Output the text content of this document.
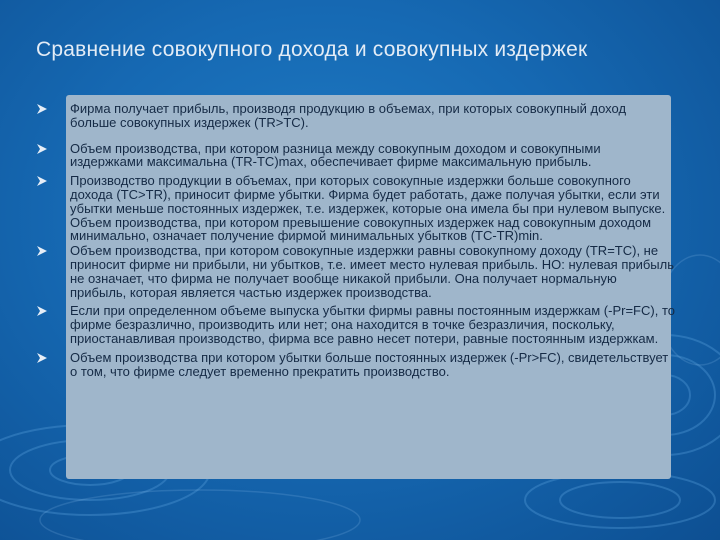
Сравнение совокупного дохода и совокупных издержек
Фирма получает прибыль, производя продукцию в объемах, при которых совокупный доход больше совокупных издержек (TR>TC).
Объем производства, при котором разница между совокупным доходом и совокупными издержками максимальна (TR-TC)max, обеспечивает фирме максимальную прибыль.
Производство продукции в объемах, при которых совокупные издержки больше совокупного дохода (TC>TR), приносит фирме убытки. Фирма будет работать, даже получая убытки, если эти убытки меньше постоянных издержек, т.е. издержек, которые она имела бы при нулевом выпуске. Объем производства, при котором превышение совокупных издержек над совокупным доходом минимально, означает получение фирмой минимальных убытков (TC-TR)min.
Объем производства, при котором совокупные издержки равны совокупному доходу (TR=TC), не приносит фирме ни прибыли, ни убытков, т.е. имеет место нулевая прибыль. НО: нулевая прибыль не означает, что фирма не получает вообще никакой прибыли. Она получает нормальную прибыль, которая является частью издержек производства.
Если при определенном объеме выпуска убытки фирмы равны постоянным издержкам (-Pr=FC), то фирме безразлично, производить или нет; она находится в точке безразличия, поскольку, приостанавливая производство, фирма все равно несет потери, равные постоянным издержкам.
Объем производства при котором убытки больше постоянных издержек (-Pr>FC), свидетельствует о том, что фирме следует временно прекратить производство.
